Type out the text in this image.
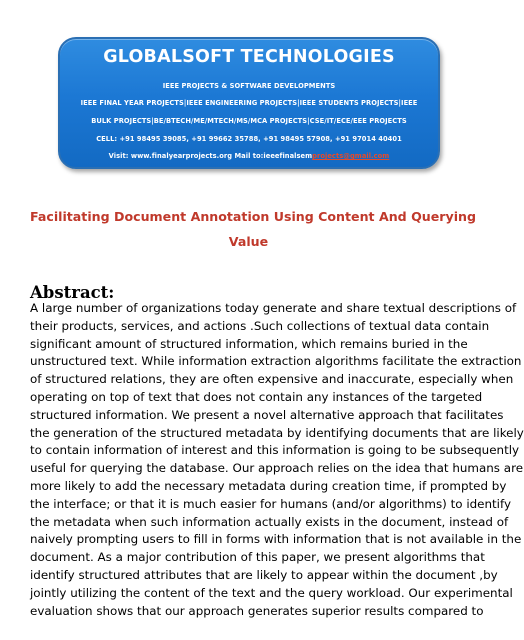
GLOBALSOFT TECHNOLOGIES
IEEE PROJECTS & SOFTWARE DEVELOPMENTS
IEEE FINAL YEAR PROJECTS|IEEE ENGINEERING PROJECTS|IEEE STUDENTS PROJECTS|IEEE
BULK PROJECTS|BE/BTECH/ME/MTECH/MS/MCA PROJECTS|CSE/IT/ECE/EEE PROJECTS
CELL: +91 98495 39085, +91 99662 35788, +91 98495 57908, +91 97014 40401
Visit: www.finalyearprojects.org Mail to:ieeefinalsemprojects@gmail.com
Facilitating Document Annotation Using Content And Querying
Value
Abstract:
A large number of organizations today generate and share textual descriptions of
their products, services, and actions .Such collections of textual data contain
significant amount of structured information, which remains buried in the
unstructured text. While information extraction algorithms facilitate the extraction
of structured relations, they are often expensive and inaccurate, especially when
operating on top of text that does not contain any instances of the targeted
structured information. We present a novel alternative approach that facilitates
the generation of the structured metadata by identifying documents that are likely
to contain information of interest and this information is going to be subsequently
useful for querying the database. Our approach relies on the idea that humans are
more likely to add the necessary metadata during creation time, if prompted by
the interface; or that it is much easier for humans (and/or algorithms) to identify
the metadata when such information actually exists in the document, instead of
naively prompting users to fill in forms with information that is not available in the
document. As a major contribution of this paper, we present algorithms that
identify structured attributes that are likely to appear within the document ,by
jointly utilizing the content of the text and the query workload. Our experimental
evaluation shows that our approach generates superior results compared to
